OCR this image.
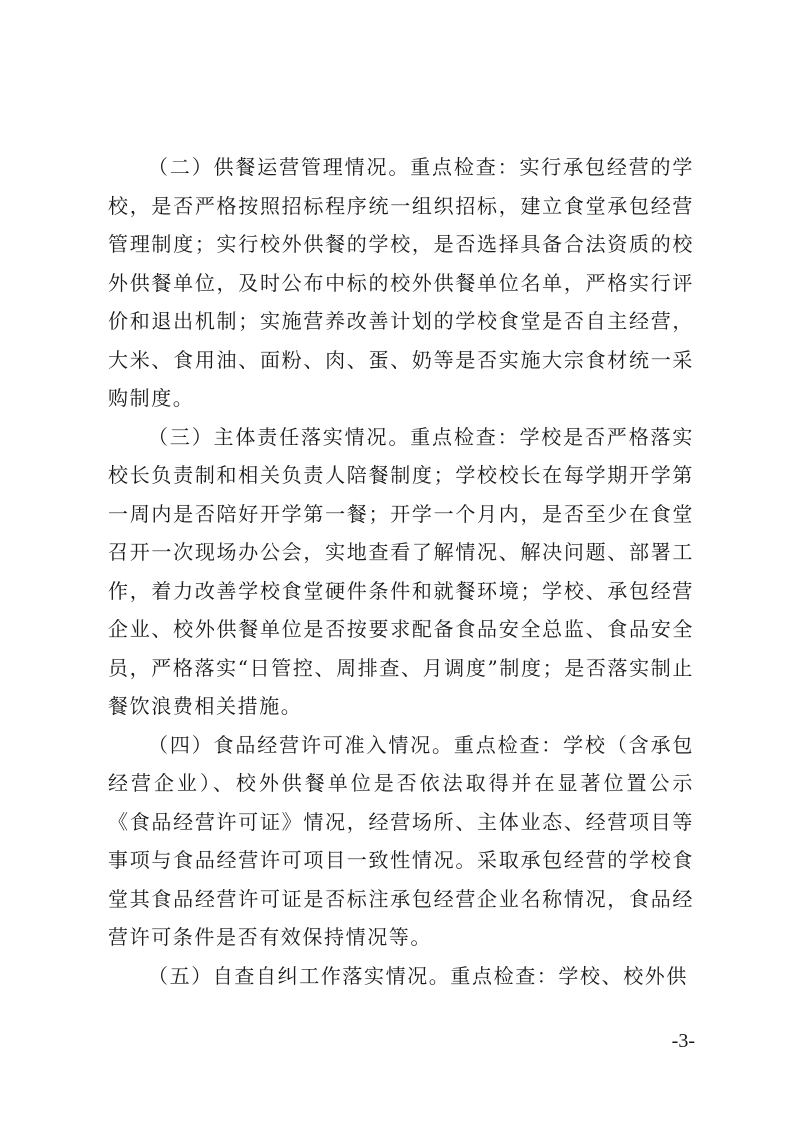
（二）供餐运营管理情况。重点检查：实行承包经营的学校，是否严格按照招标程序统一组织招标，建立食堂承包经营管理制度；实行校外供餐的学校，是否选择具备合法资质的校外供餐单位，及时公布中标的校外供餐单位名单，严格实行评价和退出机制；实施营养改善计划的学校食堂是否自主经营，大米、食用油、面粉、肉、蛋、奶等是否实施大宗食材统一采购制度。

（三）主体责任落实情况。重点检查：学校是否严格落实校长负责制和相关负责人陪餐制度；学校校长在每学期开学第一周内是否陪好开学第一餐；开学一个月内，是否至少在食堂召开一次现场办公会，实地查看了解情况、解决问题、部署工作，着力改善学校食堂硬件条件和就餐环境；学校、承包经营企业、校外供餐单位是否按要求配备食品安全总监、食品安全员，严格落实“日管控、周排查、月调度”制度；是否落实制止餐饮浪费相关措施。

（四）食品经营许可准入情况。重点检查：学校（含承包经营企业）、校外供餐单位是否依法取得并在显著位置公示《食品经营许可证》情况，经营场所、主体业态、经营项目等事项与食品经营许可项目一致性情况。采取承包经营的学校食堂其食品经营许可证是否标注承包经营企业名称情况，食品经营许可条件是否有效保持情况等。

（五）自查自纠工作落实情况。重点检查：学校、校外供

-3-
